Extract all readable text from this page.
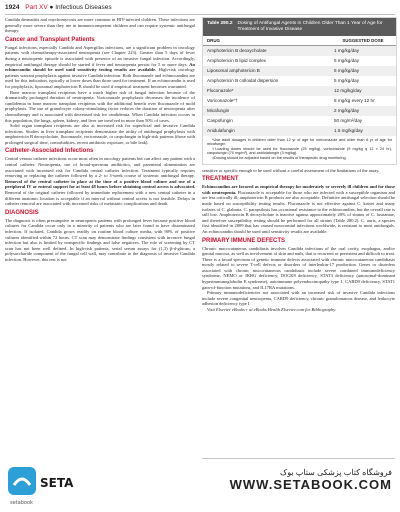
1924 Part XV ● Infectious Diseases

Candida dermatitis and onychomycosis are more common in HIV-infected children. These infections are generally more severe than they are in immunocompetent children and can require systemic antifungal therapy.

Cancer and Transplant Patients

Fungal infections, especially Candida and Aspergillus infections, are a significant problem in oncology patients with chemotherapy-associated neutropenia (see Chapter 223). Greater than 5 days of fever during a neutropenic episode is associated with presence of an invasive fungal infection. Accordingly, empirical antifungal therapy should be started if fever and neutropenia persist for 5 or more days. An echinocandin should be used until sensitivity testing results are available. High-risk oncology patients warrant prophylaxis against invasive Candida infection. Both fluconazole and echinocandins are used for this indication, typically at lower doses than those used for treatment. If an echinocandin is used for prophylaxis, liposomal amphotericin B should be used if empirical treatment becomes warranted.

Bone marrow transplant recipients have a much higher risk of fungal infection because of the dramatically prolonged duration of neutropenia. Voriconazole prophylaxis decreases the incidence of candidemia in bone marrow transplant recipients with the additional benefit over fluconazole of mold prophylaxis. The use of granulocyte colony-stimulating factor reduces the duration of neutropenia after chemotherapy and is associated with decreased risk for candidemia. When Candida infection occurs in this population, the lungs, spleen, kidney, and liver are involved in more than 50% of cases.

Solid organ transplant recipients are also at increased risk for superficial and invasive Candida infections. Studies in liver transplant recipients demonstrate the utility of antifungal prophylaxis with amphotericin B deoxycholate, fluconazole, voriconazole, or caspofungin in high-risk patients (those with prolonged surgical time, comorbidities, recent antibiotic exposure, or bile leak).

Catheter-Associated Infections

Central venous catheter infections occur most often in oncology patients but can affect any patient with a central catheter. Neutropenia, use of broad-spectrum antibiotics, and parenteral alimentation are associated with increased risk for Candida central catheter infection. Treatment typically requires removing or replacing the catheter followed by a 2- to 3-week course of systemic antifungal therapy. Removal of the central catheter in place at the time of a positive blood culture and use of a peripheral IV or enteral support for at least 48 hours before obtaining central access is advocated. Removal of the original catheter followed by immediate replacement with a new central catheter in a different anatomic location is acceptable if an interval without central access is not feasible. Delays in catheter removal are associated with increased risks of metastatic complications and death.

DIAGNOSIS

The diagnosis is often presumptive in neutropenic patients with prolonged fever because positive blood cultures for Candida occur only in a minority of patients who are later found to have disseminated infection. If isolated, Candida grows readily on routine blood culture media, with 90% of positive cultures identified within 72 hours. CT scan may demonstrate findings consistent with invasive fungal infection but also is limited by nonspecific findings and false negatives. The role of screening by CT scan has not been well defined. In high-risk patients, serial serum assays for (1,3) β-d-glucan, a polysaccharide component of the fungal cell wall, may contribute to the diagnosis of invasive Candida infection. However, this test is not

Table 280.2 Dosing of Antifungal Agents in Children Older Than 1 Year of Age for Treatment of Invasive Disease
DRUG	SUGGESTED DOSE
Amphotericin B deoxycholate	1 mg/kg/day
Amphotericin B lipid complex	5 mg/kg/day
Liposomal amphotericin B	5 mg/kg/day
Amphotericin B colloidal dispersion	5 mg/kg/day
Fluconazole*	12 mg/kg/day
Voriconazole*†	8 mg/kg every 12 hr
Micafungin	2 mg/kg/day
Caspofungin	50 mg/m²/day
Anidulafungin	1.5 mg/kg/day

*Use adult dosages in children older than 12 yr of age for voriconazole and older than 6 yr of age for micafungin.

†Loading doses should be used for fluconazole (25 mg/kg), voriconazole (9 mg/kg q 12 × 24 hr), caspofungin (70 mg/m²), and anidulafungin (3 mg/kg).

‡Dosing should be adjusted based on the results of therapeutic drug monitoring.

sensitive or specific enough to be used without a careful assessment of the limitations of the assay.

TREATMENT

Echinocandins are favored as empirical therapy for moderately or severely ill children and for those with neutropenia. Fluconazole is acceptable for those who are infected with a susceptible organism and are less critically ill; amphotericin B products are also acceptable. Definitive antifungal selection should be made based on susceptibility testing results. Fluconazole is not effective against C. krusei and many isolates of C. glabrata. C. parapsilosis has occasional resistance to the echinocandins, but the overall rate is still low. Amphotericin B deoxycholate is inactive against approximately 20% of strains of C. lusitaniae, and therefore susceptibility testing should be performed for all strains (Table 280.2). C. auris, a species first identified in 2009 that has caused nosocomial infections worldwide, is resistant to most antifungals. An echinocandin should be used until sensitivity results are available.

PRIMARY IMMUNE DEFECTS

Chronic mucocutaneous candidiasis involves Candida infections of the oral cavity, esophagus, and/or genital mucosa, as well as involvement of skin and nails, that is recurrent or persistent and difficult to treat. There is a broad spectrum of genetic immune defects associated with chronic mucocutaneous candidiasis mostly related to severe T-cell defects or disorders of interleukin-17 production. Genes or disorders associated with chronic mucocutaneous candidiasis include severe combined immunodeficiency syndrome, NEMO or IKBG deficiency, DOCK8 deficiency, STAT3 deficiency (autosomal-dominant hyperimmunoglobulin E syndrome), autoimmune polyendocrinopathy type 1, CARD9 deficiency, STAT1 gain-of-function mutations, and IL17RA mutations.

Primary immunodeficiencies not associated with an increased risk of invasive Candida infections include severe congenital neutropenia, CARD9 deficiency, chronic granulomatous disease, and leukocyte adhesion deficiency type I.

Visit Elsevier eBooks+ at eBooks.Health.Elsevier.com for Bibliography.

SETA
setabook
فروشگاه کتاب پزشکی ستاپ بوک
WWW.SETABOOK.COM
